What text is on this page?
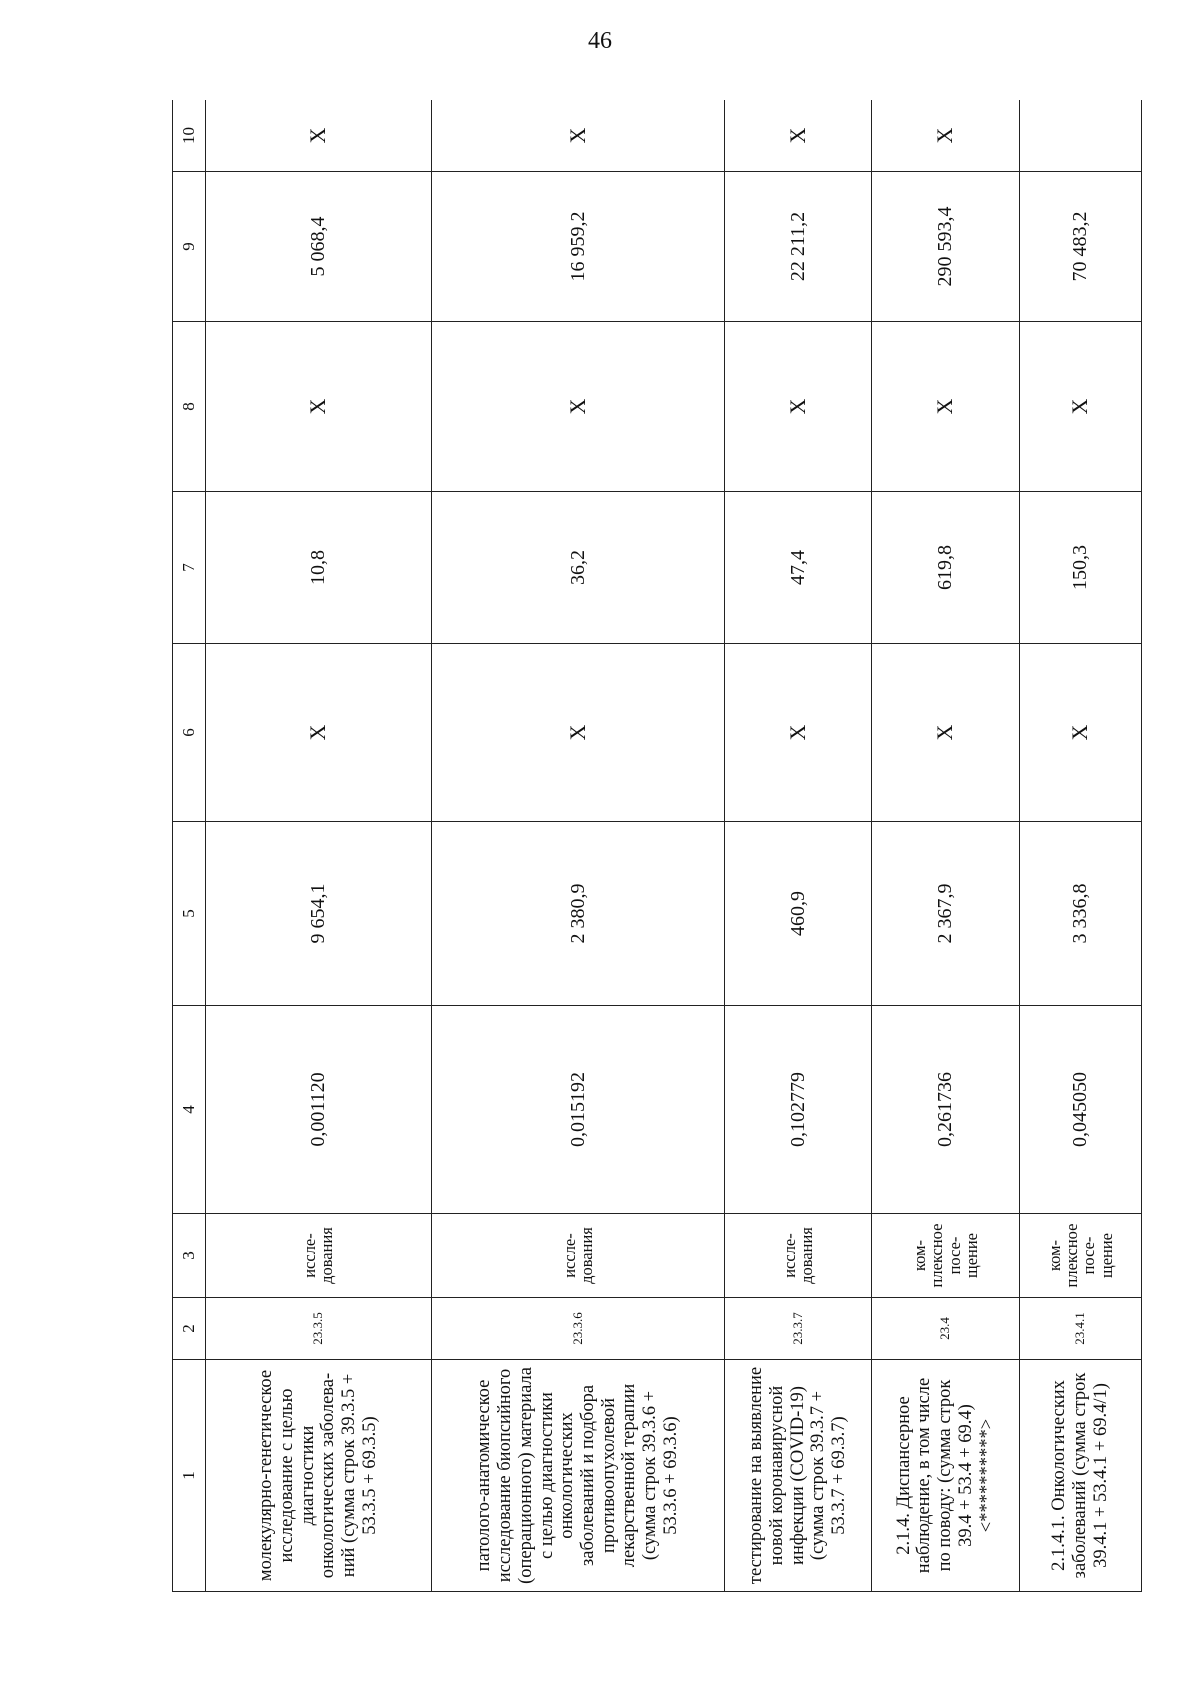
46
1	2	3	4	5	6	7	8	9	10
молекулярно-генетическое исследование с целью диагностики онкологических заболеваний (сумма строк 39.3.5 + 53.3.5 + 69.3.5)	23.3.5	исследования	0,001120	9 654,1	Х	10,8	Х	5 068,4	Х
патолого-анатомическое исследование биопсийного (операционного) материала с целью диагностики онкологических заболеваний и подбора противоопухолевой лекарственной терапии (сумма строк 39.3.6 + 53.3.6 + 69.3.6)	23.3.6	исследования	0,015192	2 380,9	Х	36,2	Х	16 959,2	Х
тестирование на выявление новой коронавирусной инфекции (COVID-19) (сумма строк 39.3.7 + 53.3.7 + 69.3.7)	23.3.7	исследования	0,102779	460,9	Х	47,4	Х	22 211,2	Х
2.1.4. Диспансерное наблюдение, в том числе по поводу: (сумма строк 39.4 + 53.4 + 69.4) <**********>	23.4	комплексное посещение	0,261736	2 367,9	Х	619,8	Х	290 593,4	Х
2.1.4.1. Онкологических заболеваний (сумма строк 39.4.1 + 53.4.1 + 69.4/1)	23.4.1	комплексное посещение	0,045050	3 336,8	Х	150,3	Х	70 483,2	
